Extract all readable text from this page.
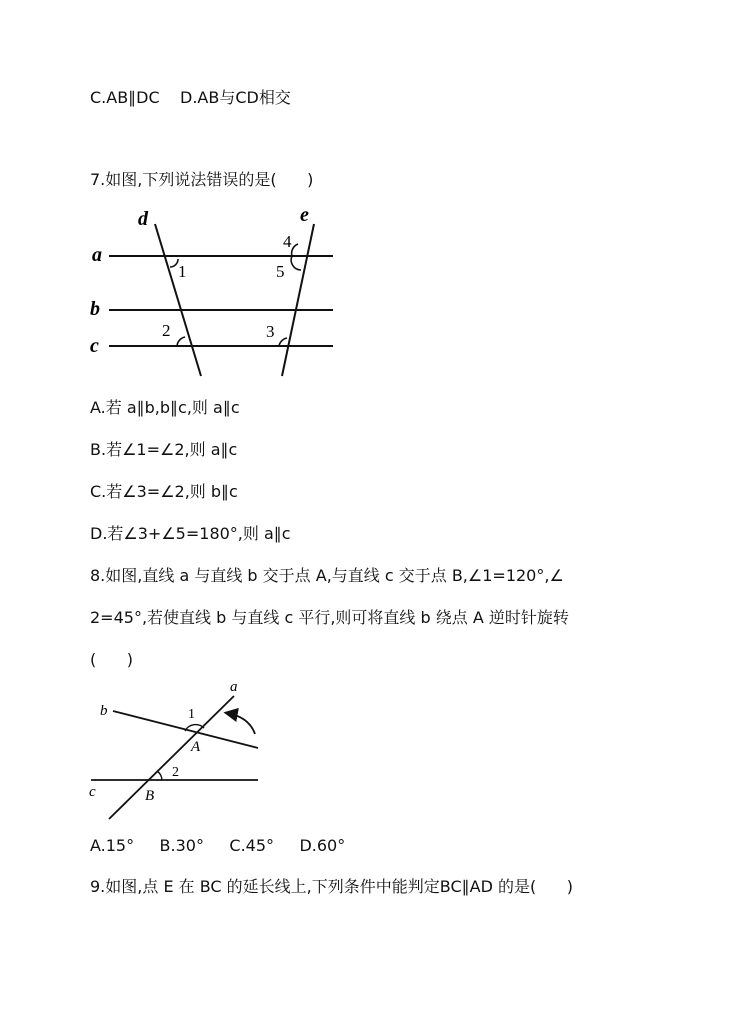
C.AB∥DC    D.AB与CD相交
7.如图,下列说法错误的是(      )
a
b
c
d	e
1
2	3
4
5
A.若 a∥b,b∥c,则 a∥c
B.若∠1=∠2,则 a∥c
C.若∠3=∠2,则 b∥c
D.若∠3+∠5=180°,则 a∥c
8.如图,直线 a 与直线 b 交于点 A,与直线 c 交于点 B,∠1=120°,∠
2=45°,若使直线 b 与直线 c 平行,则可将直线 b 绕点 A 逆时针旋转
(      )
a
b
c
A
B
1
2
A.15°     B.30°     C.45°     D.60°
9.如图,点 E 在 BC 的延长线上,下列条件中能判定BC∥AD 的是(      )
